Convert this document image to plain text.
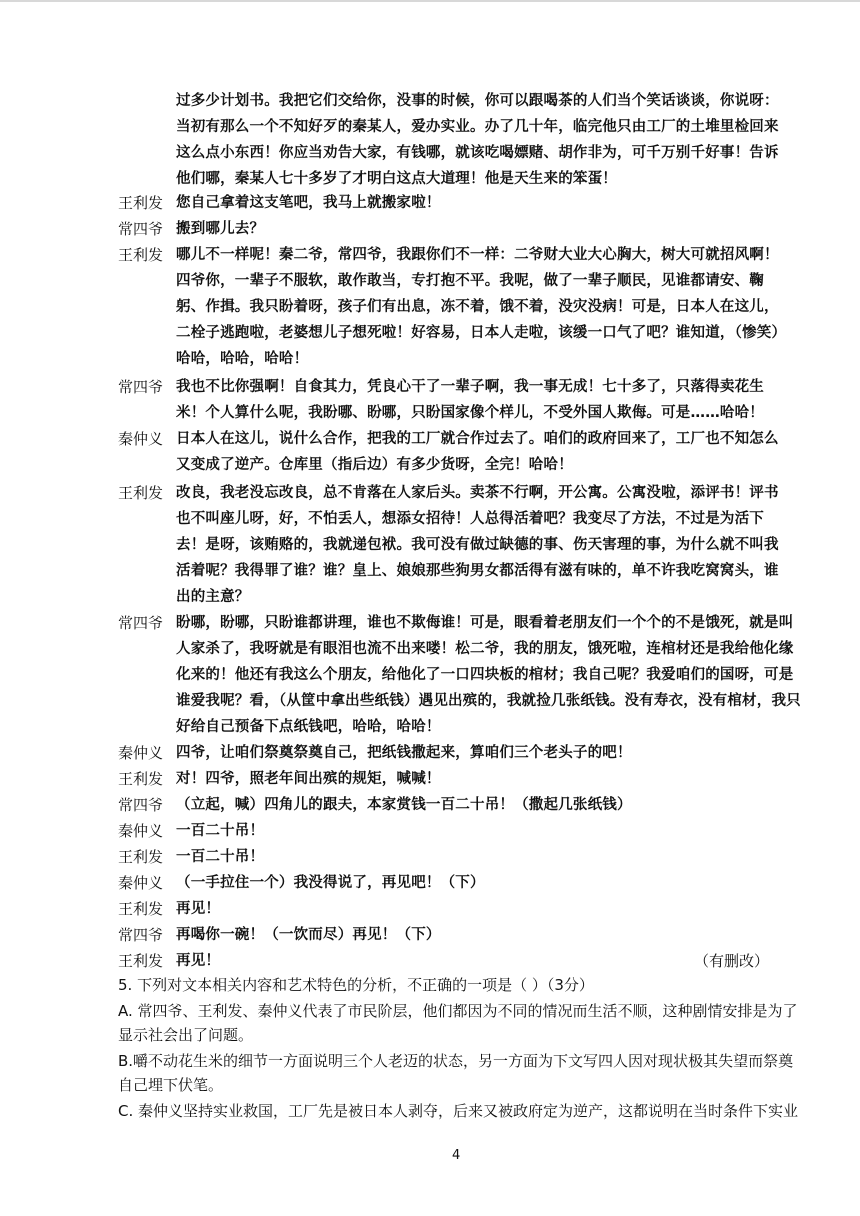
过多少计划书。我把它们交给你，没事的时候，你可以跟喝茶的人们当个笑话谈谈，你说呀：
当初有那么一个不知好歹的秦某人，爱办实业。办了几十年，临完他只由工厂的土堆里检回来
这么点小东西！你应当劝告大家，有钱哪，就该吃喝嫖赌、胡作非为，可千万别千好事！告诉
他们哪，秦某人七十多岁了才明白这点大道理！他是天生来的笨蛋！
王利发 您自己拿着这支笔吧，我马上就搬家啦！
常四爷 搬到哪儿去？
王利发 哪儿不一样呢！秦二爷，常四爷，我跟你们不一样：二爷财大业大心胸大，树大可就招风啊！
四爷你，一辈子不服软，敢作敢当，专打抱不平。我呢，做了一辈子顺民，见谁都请安、鞠
躬、作揖。我只盼着呀，孩子们有出息，冻不着，饿不着，没灾没病！可是，日本人在这儿，
二栓子逃跑啦，老婆想儿子想死啦！好容易，日本人走啦，该缓一口气了吧？谁知道，（惨笑）
哈哈，哈哈，哈哈！
常四爷 我也不比你强啊！自食其力，凭良心干了一辈子啊，我一事无成！七十多了，只落得卖花生
米！个人算什么呢，我盼哪、盼哪，只盼国家像个样儿，不受外国人欺侮。可是……哈哈！
秦仲义 日本人在这儿，说什么合作，把我的工厂就合作过去了。咱们的政府回来了，工厂也不知怎么
又变成了逆产。仓库里（指后边）有多少货呀，全完！哈哈！
王利发 改良，我老没忘改良，总不肯落在人家后头。卖茶不行啊，开公寓。公寓没啦，添评书！评书
也不叫座儿呀，好，不怕丢人，想添女招待！人总得活着吧？我变尽了方法，不过是为活下
去！是呀，该贿赂的，我就递包袱。我可没有做过缺德的事、伤天害理的事，为什么就不叫我
活着呢？我得罪了谁？谁？皇上、娘娘那些狗男女都活得有滋有味的，单不许我吃窝窝头，谁
出的主意？
常四爷 盼哪，盼哪，只盼谁都讲理，谁也不欺侮谁！可是，眼看着老朋友们一个个的不是饿死，就是叫
人家杀了，我呀就是有眼泪也流不出来喽！松二爷，我的朋友，饿死啦，连棺材还是我给他化缘
化来的！他还有我这么个朋友，给他化了一口四块板的棺材；我自己呢？我爱咱们的国呀，可是
谁爱我呢？看，（从筐中拿出些纸钱）遇见出殡的，我就捡几张纸钱。没有寿衣，没有棺材，我只
好给自己预备下点纸钱吧，哈哈，哈哈！
秦仲义 四爷，让咱们祭奠祭奠自己，把纸钱撒起来，算咱们三个老头子的吧！
王利发 对！四爷，照老年间出殡的规矩，喊喊！
常四爷 （立起，喊）四角儿的跟夫，本家赏钱一百二十吊！（撒起几张纸钱）
秦仲义 一百二十吊！
王利发 一百二十吊！
秦仲义 （一手拉住一个）我没得说了，再见吧！（下）
王利发 再见！
常四爷 再喝你一碗！（一饮而尽）再见！（下）
王利发 再见！	（有删改）
5. 下列对文本相关内容和艺术特色的分析，不正确的一项是（ ）（3分）
A. 常四爷、王利发、秦仲义代表了市民阶层，他们都因为不同的情况而生活不顺，这种剧情安排是为了
显示社会出了问题。
B.嚼不动花生米的细节一方面说明三个人老迈的状态，另一方面为下文写四人因对现状极其失望而祭奠
自己埋下伏笔。
C. 秦仲义坚持实业救国，工厂先是被日本人剥夺，后来又被政府定为逆产，这都说明在当时条件下实业
4
